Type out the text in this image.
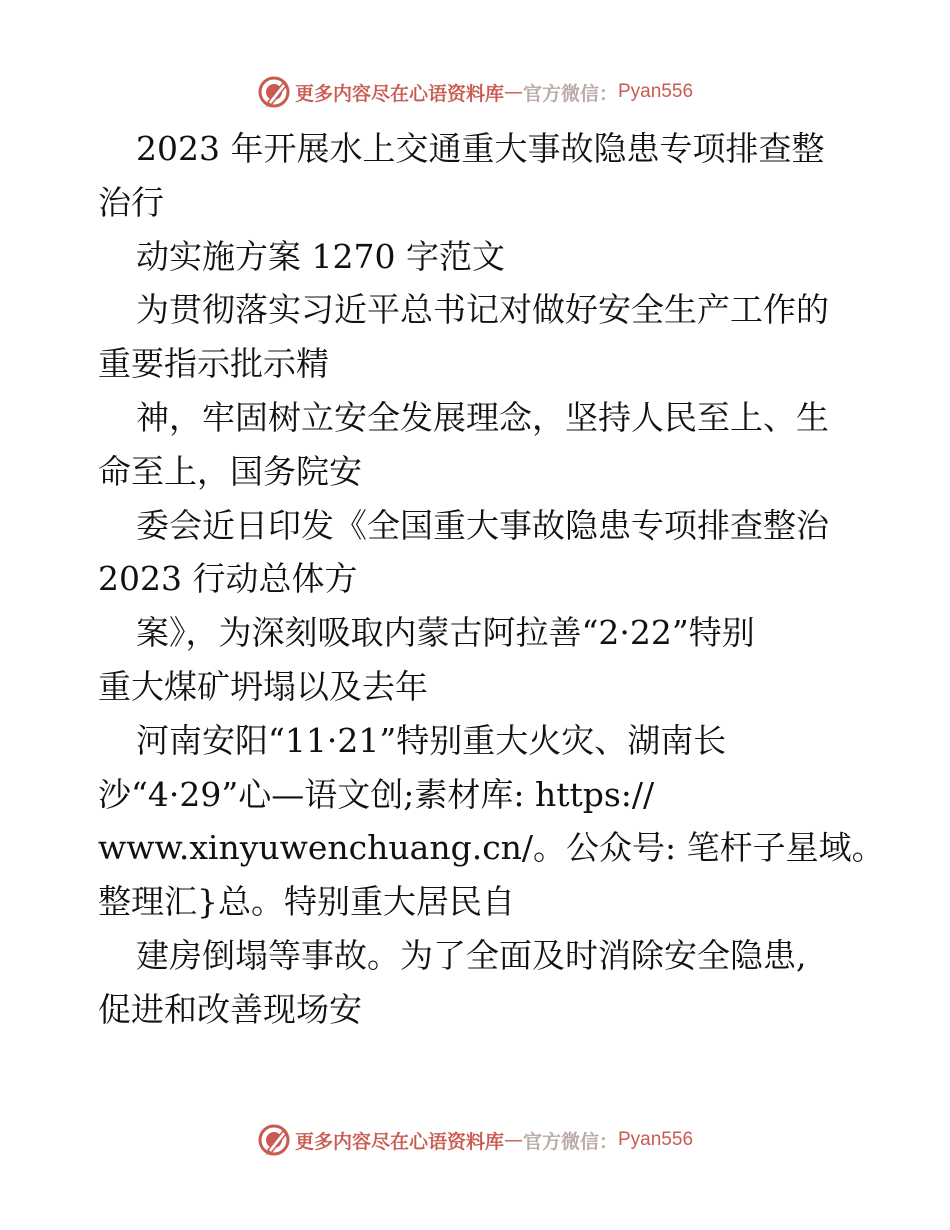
更多内容尽在心语资料库 — 官方微信： Pyan556
2023 年开展水上交通重大事故隐患专项排查整
治行
动实施方案 1270 字范文
为贯彻落实习近平总书记对做好安全生产工作的
重要指示批示精
神，牢固树立安全发展理念，坚持人民至上、生
命至上，国务院安
委会近日印发《全国重大事故隐患专项排查整治
2023 行动总体方
案》，为深刻吸取内蒙古阿拉善“2·22”特别
重大煤矿坍塌以及去年
河南安阳“11·21”特别重大火灾、湖南长
沙“4·29”心—语文创;素材库: https://
www.xinyuwenchuang.cn/。公众号: 笔杆子星域。
整理汇}总。特别重大居民自
建房倒塌等事故。为了全面及时消除安全隐患,
促进和改善现场安
更多内容尽在心语资料库 — 官方微信： Pyan556
